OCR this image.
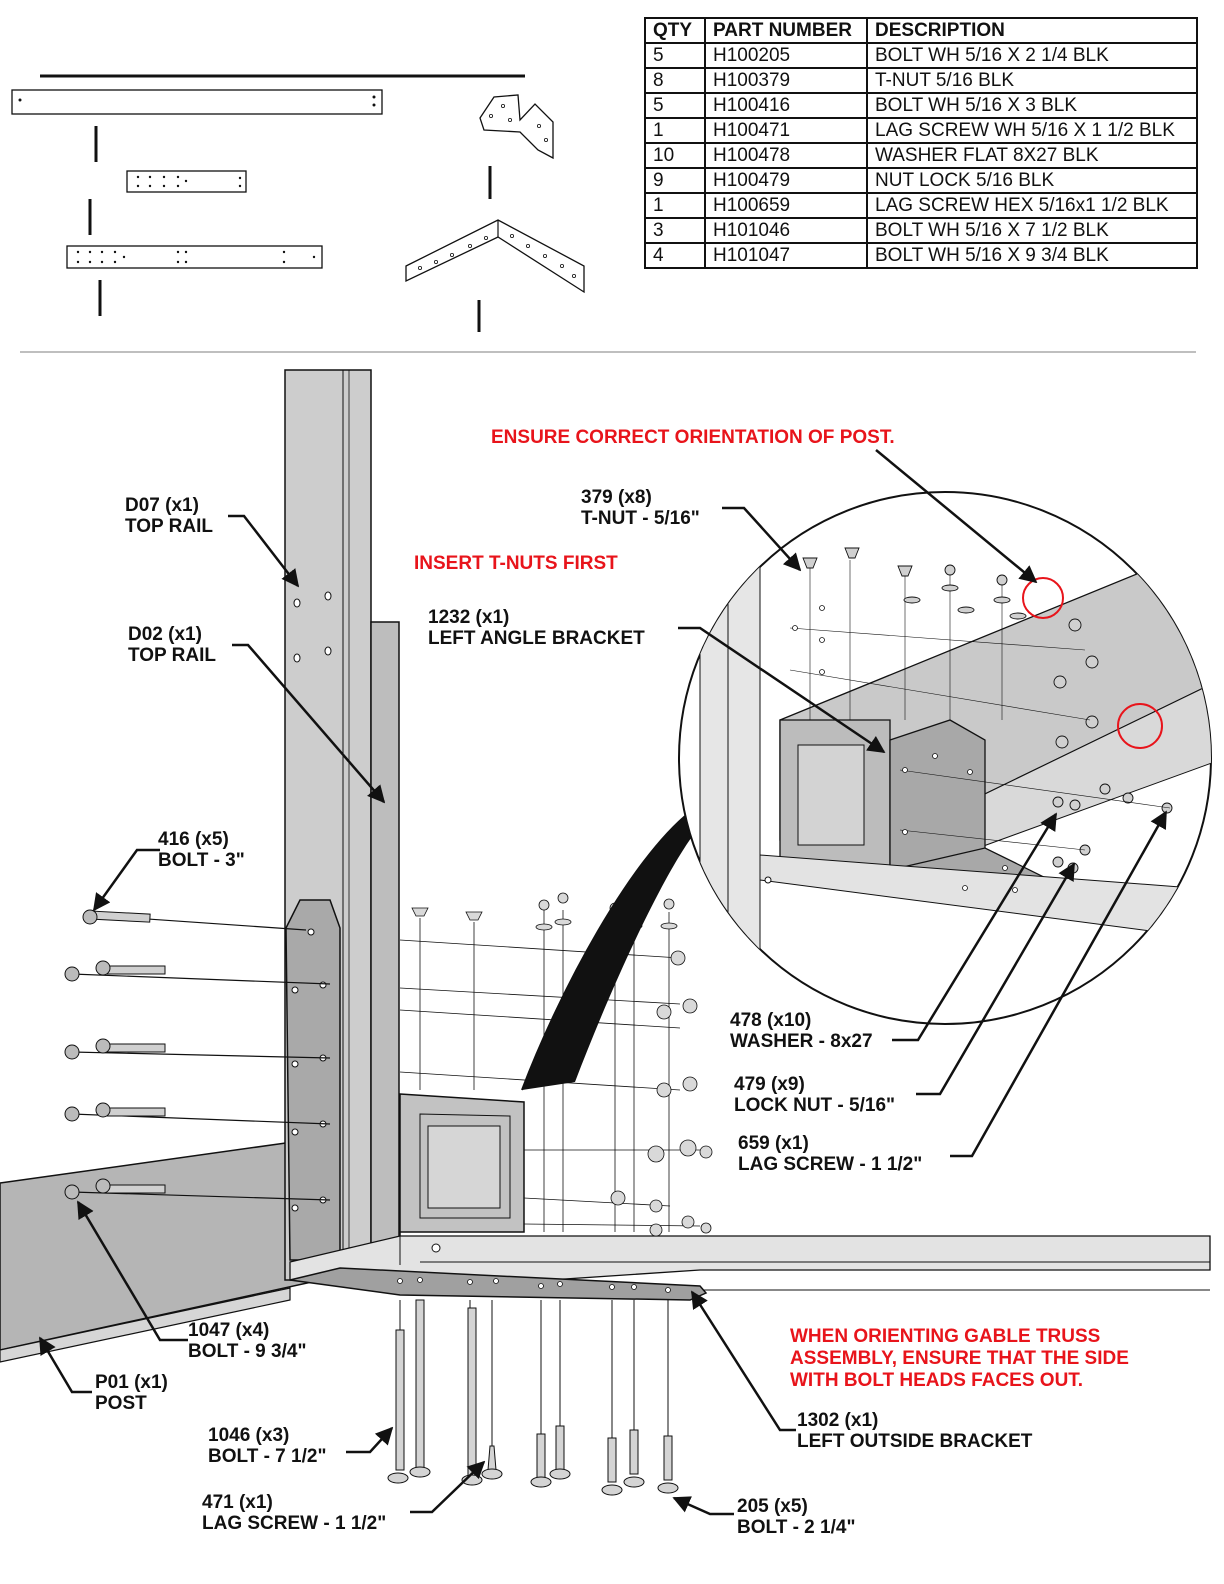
QTY	PART NUMBER	DESCRIPTION
5	H100205	BOLT WH 5/16 X 2 1/4 BLK
8	H100379	T-NUT 5/16 BLK
5	H100416	BOLT WH 5/16 X 3 BLK
1	H100471	LAG SCREW WH 5/16 X 1 1/2 BLK
10	H100478	WASHER FLAT 8X27 BLK
9	H100479	NUT LOCK 5/16 BLK
1	H100659	LAG SCREW HEX 5/16x1 1/2 BLK
3	H101046	BOLT WH 5/16 X 7 1/2 BLK
4	H101047	BOLT WH 5/16 X 9 3/4 BLK
ENSURE CORRECT ORIENTATION OF POST.
INSERT T-NUTS FIRST
WHEN ORIENTING GABLE TRUSS
ASSEMBLY, ENSURE THAT THE SIDE
WITH BOLT HEADS FACES OUT.
D07 (x1)
TOP RAIL
D02 (x1)
TOP RAIL
416 (x5)
BOLT - 3"
1047 (x4)
BOLT - 9 3/4"
P01 (x1)
POST
1046 (x3)
BOLT - 7 1/2"
471 (x1)
LAG SCREW - 1 1/2"
205 (x5)
BOLT - 2 1/4"
1302 (x1)
LEFT OUTSIDE BRACKET
1232 (x1)
LEFT ANGLE BRACKET
379 (x8)
T-NUT - 5/16"
478 (x10)
WASHER - 8x27
479 (x9)
LOCK NUT - 5/16"
659 (x1)
LAG SCREW - 1 1/2"
